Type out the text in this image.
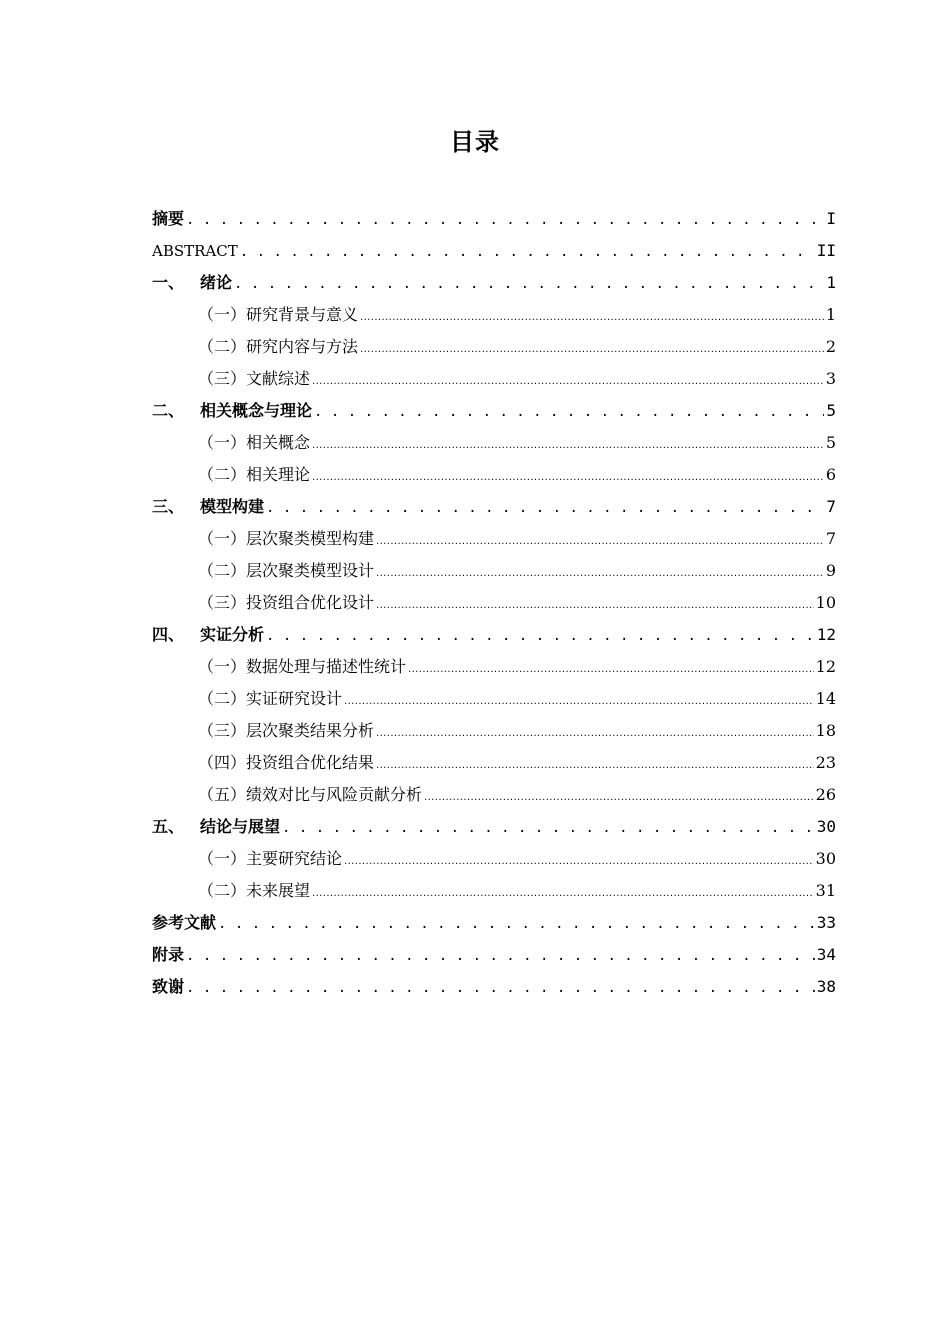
目录
摘要 . . .	I
ABSTRACT . . .	II
一、 绪论 . . .	1
（一）研究背景与意义 .....	1
（二）研究内容与方法 .....	2
（三）文献综述 .....	3
二、 相关概念与理论 . . .	5
（一）相关概念 .....	5
（二）相关理论 .....	6
三、 模型构建 . . .	7
（一）层次聚类模型构建 .....	7
（二）层次聚类模型设计 .....	9
（三）投资组合优化设计 .....	10
四、 实证分析 . . .	12
（一）数据处理与描述性统计 .....	12
（二）实证研究设计 .....	14
（三）层次聚类结果分析 .....	18
（四）投资组合优化结果 .....	23
（五）绩效对比与风险贡献分析 .....	26
五、 结论与展望 . . .	30
（一）主要研究结论 .....	30
（二）未来展望 .....	31
参考文献 . . .	33
附录 . . .	34
致谢 . . .	38
